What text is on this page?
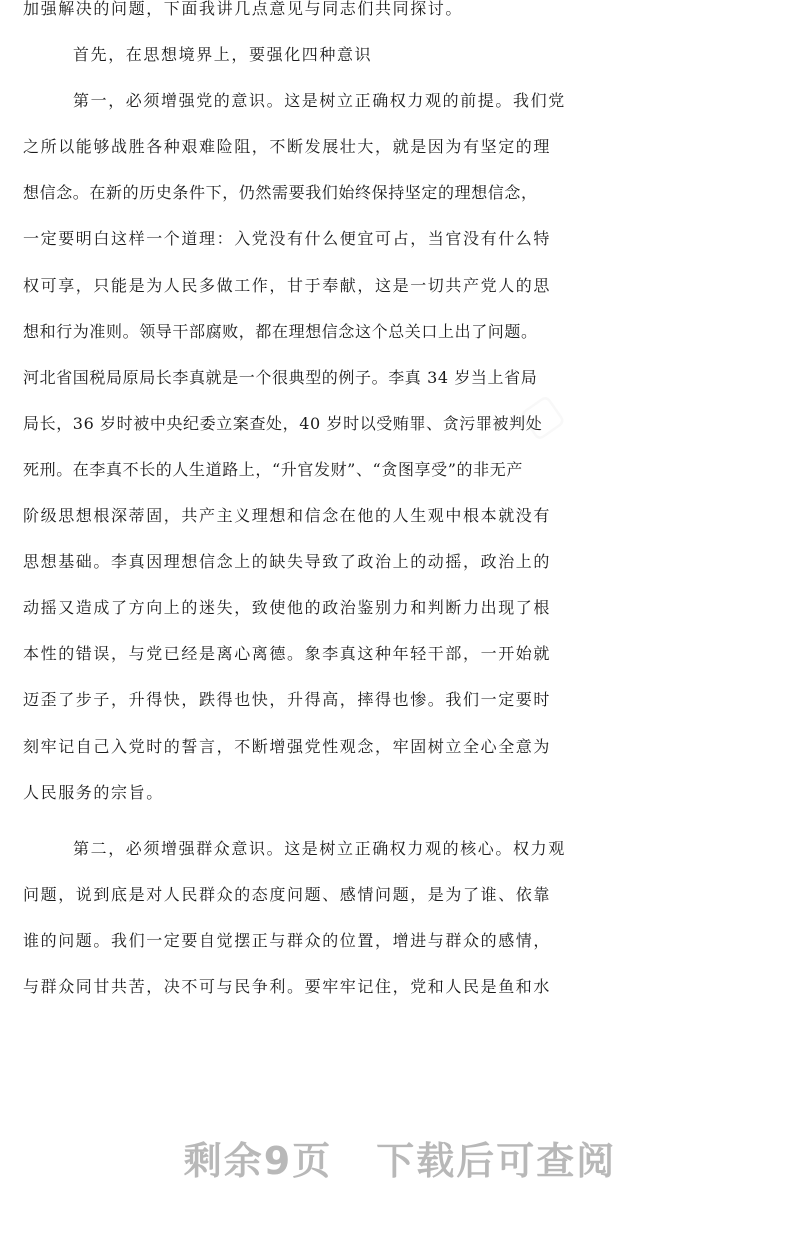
▢
加强解决的问题，下面我讲几点意见与同志们共同探讨。
首先，在思想境界上，要强化四种意识
第一，必须增强党的意识。这是树立正确权力观的前提。我们党
之所以能够战胜各种艰难险阻，不断发展壮大，就是因为有坚定的理
想信念。在新的历史条件下，仍然需要我们始终保持坚定的理想信念，
一定要明白这样一个道理：入党没有什么便宜可占，当官没有什么特
权可享，只能是为人民多做工作，甘于奉献，这是一切共产党人的思
想和行为准则。领导干部腐败，都在理想信念这个总关口上出了问题。
河北省国税局原局长李真就是一个很典型的例子。李真 34 岁当上省局
局长，36 岁时被中央纪委立案查处，40 岁时以受贿罪、贪污罪被判处
死刑。在李真不长的人生道路上，“升官发财”、“贪图享受”的非无产
阶级思想根深蒂固，共产主义理想和信念在他的人生观中根本就没有
思想基础。李真因理想信念上的缺失导致了政治上的动摇，政治上的
动摇又造成了方向上的迷失，致使他的政治鉴别力和判断力出现了根
本性的错误，与党已经是离心离德。象李真这种年轻干部，一开始就
迈歪了步子，升得快，跌得也快，升得高，摔得也惨。我们一定要时
刻牢记自己入党时的誓言，不断增强党性观念，牢固树立全心全意为
人民服务的宗旨。
第二，必须增强群众意识。这是树立正确权力观的核心。权力观
问题，说到底是对人民群众的态度问题、感情问题，是为了谁、依靠
谁的问题。我们一定要自觉摆正与群众的位置，增进与群众的感情，
与群众同甘共苦，决不可与民争利。要牢牢记住，党和人民是鱼和水
剩余9页 下载后可查阅
